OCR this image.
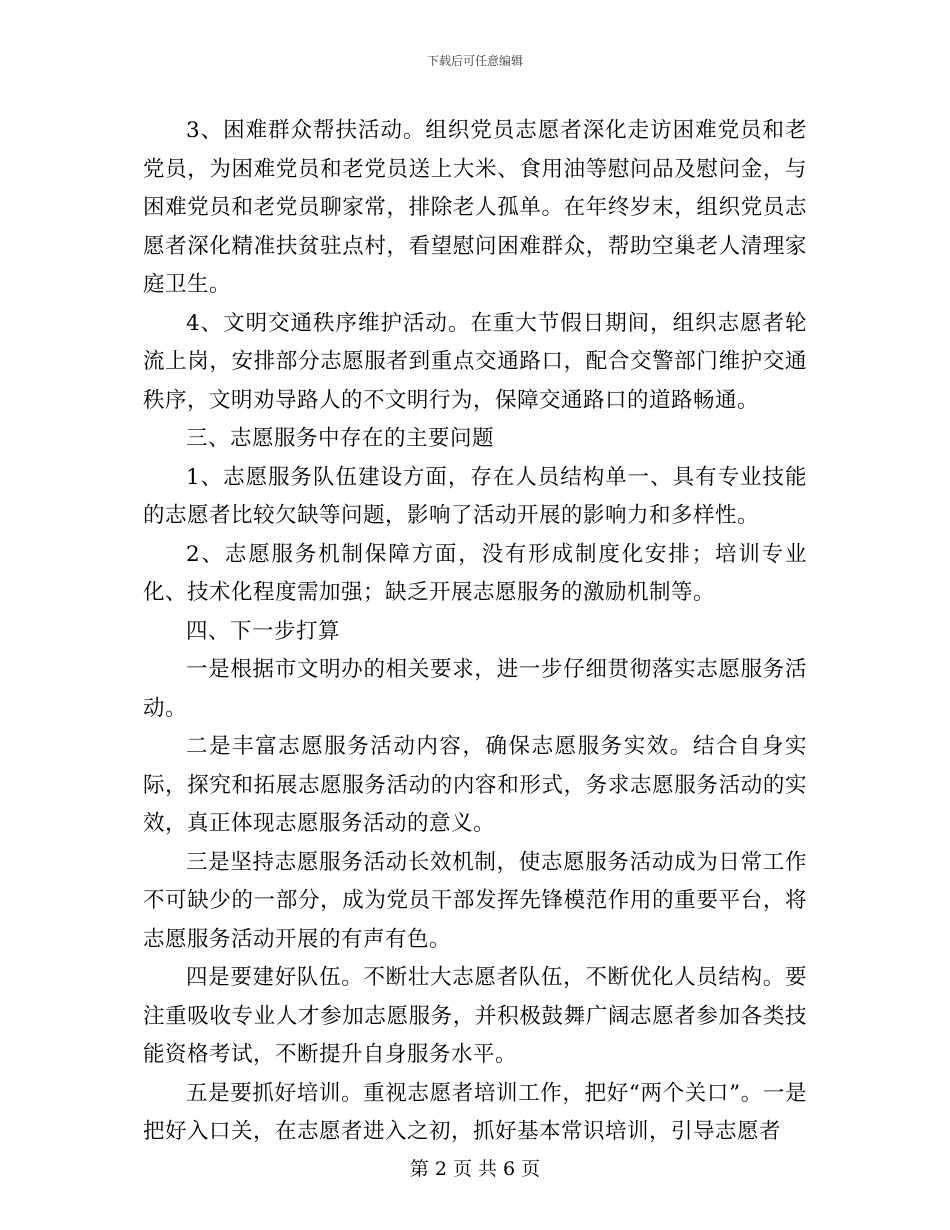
下载后可任意编辑

3、困难群众帮扶活动。组织党员志愿者深化走访困难党员和老党员，为困难党员和老党员送上大米、食用油等慰问品及慰问金，与困难党员和老党员聊家常，排除老人孤单。在年终岁末，组织党员志愿者深化精准扶贫驻点村，看望慰问困难群众，帮助空巢老人清理家庭卫生。

4、文明交通秩序维护活动。在重大节假日期间，组织志愿者轮流上岗，安排部分志愿服者到重点交通路口，配合交警部门维护交通秩序，文明劝导路人的不文明行为，保障交通路口的道路畅通。

三、志愿服务中存在的主要问题

1、志愿服务队伍建设方面，存在人员结构单一、具有专业技能的志愿者比较欠缺等问题，影响了活动开展的影响力和多样性。

2、志愿服务机制保障方面，没有形成制度化安排；培训专业化、技术化程度需加强；缺乏开展志愿服务的激励机制等。

四、下一步打算

一是根据市文明办的相关要求，进一步仔细贯彻落实志愿服务活动。

二是丰富志愿服务活动内容，确保志愿服务实效。结合自身实际，探究和拓展志愿服务活动的内容和形式，务求志愿服务活动的实效，真正体现志愿服务活动的意义。

三是坚持志愿服务活动长效机制，使志愿服务活动成为日常工作不可缺少的一部分，成为党员干部发挥先锋模范作用的重要平台，将志愿服务活动开展的有声有色。

四是要建好队伍。不断壮大志愿者队伍，不断优化人员结构。要注重吸收专业人才参加志愿服务，并积极鼓舞广阔志愿者参加各类技能资格考试，不断提升自身服务水平。

五是要抓好培训。重视志愿者培训工作，把好“两个关口”。一是把好入口关，在志愿者进入之初，抓好基本常识培训，引导志愿者

第 2 页 共 6 页
